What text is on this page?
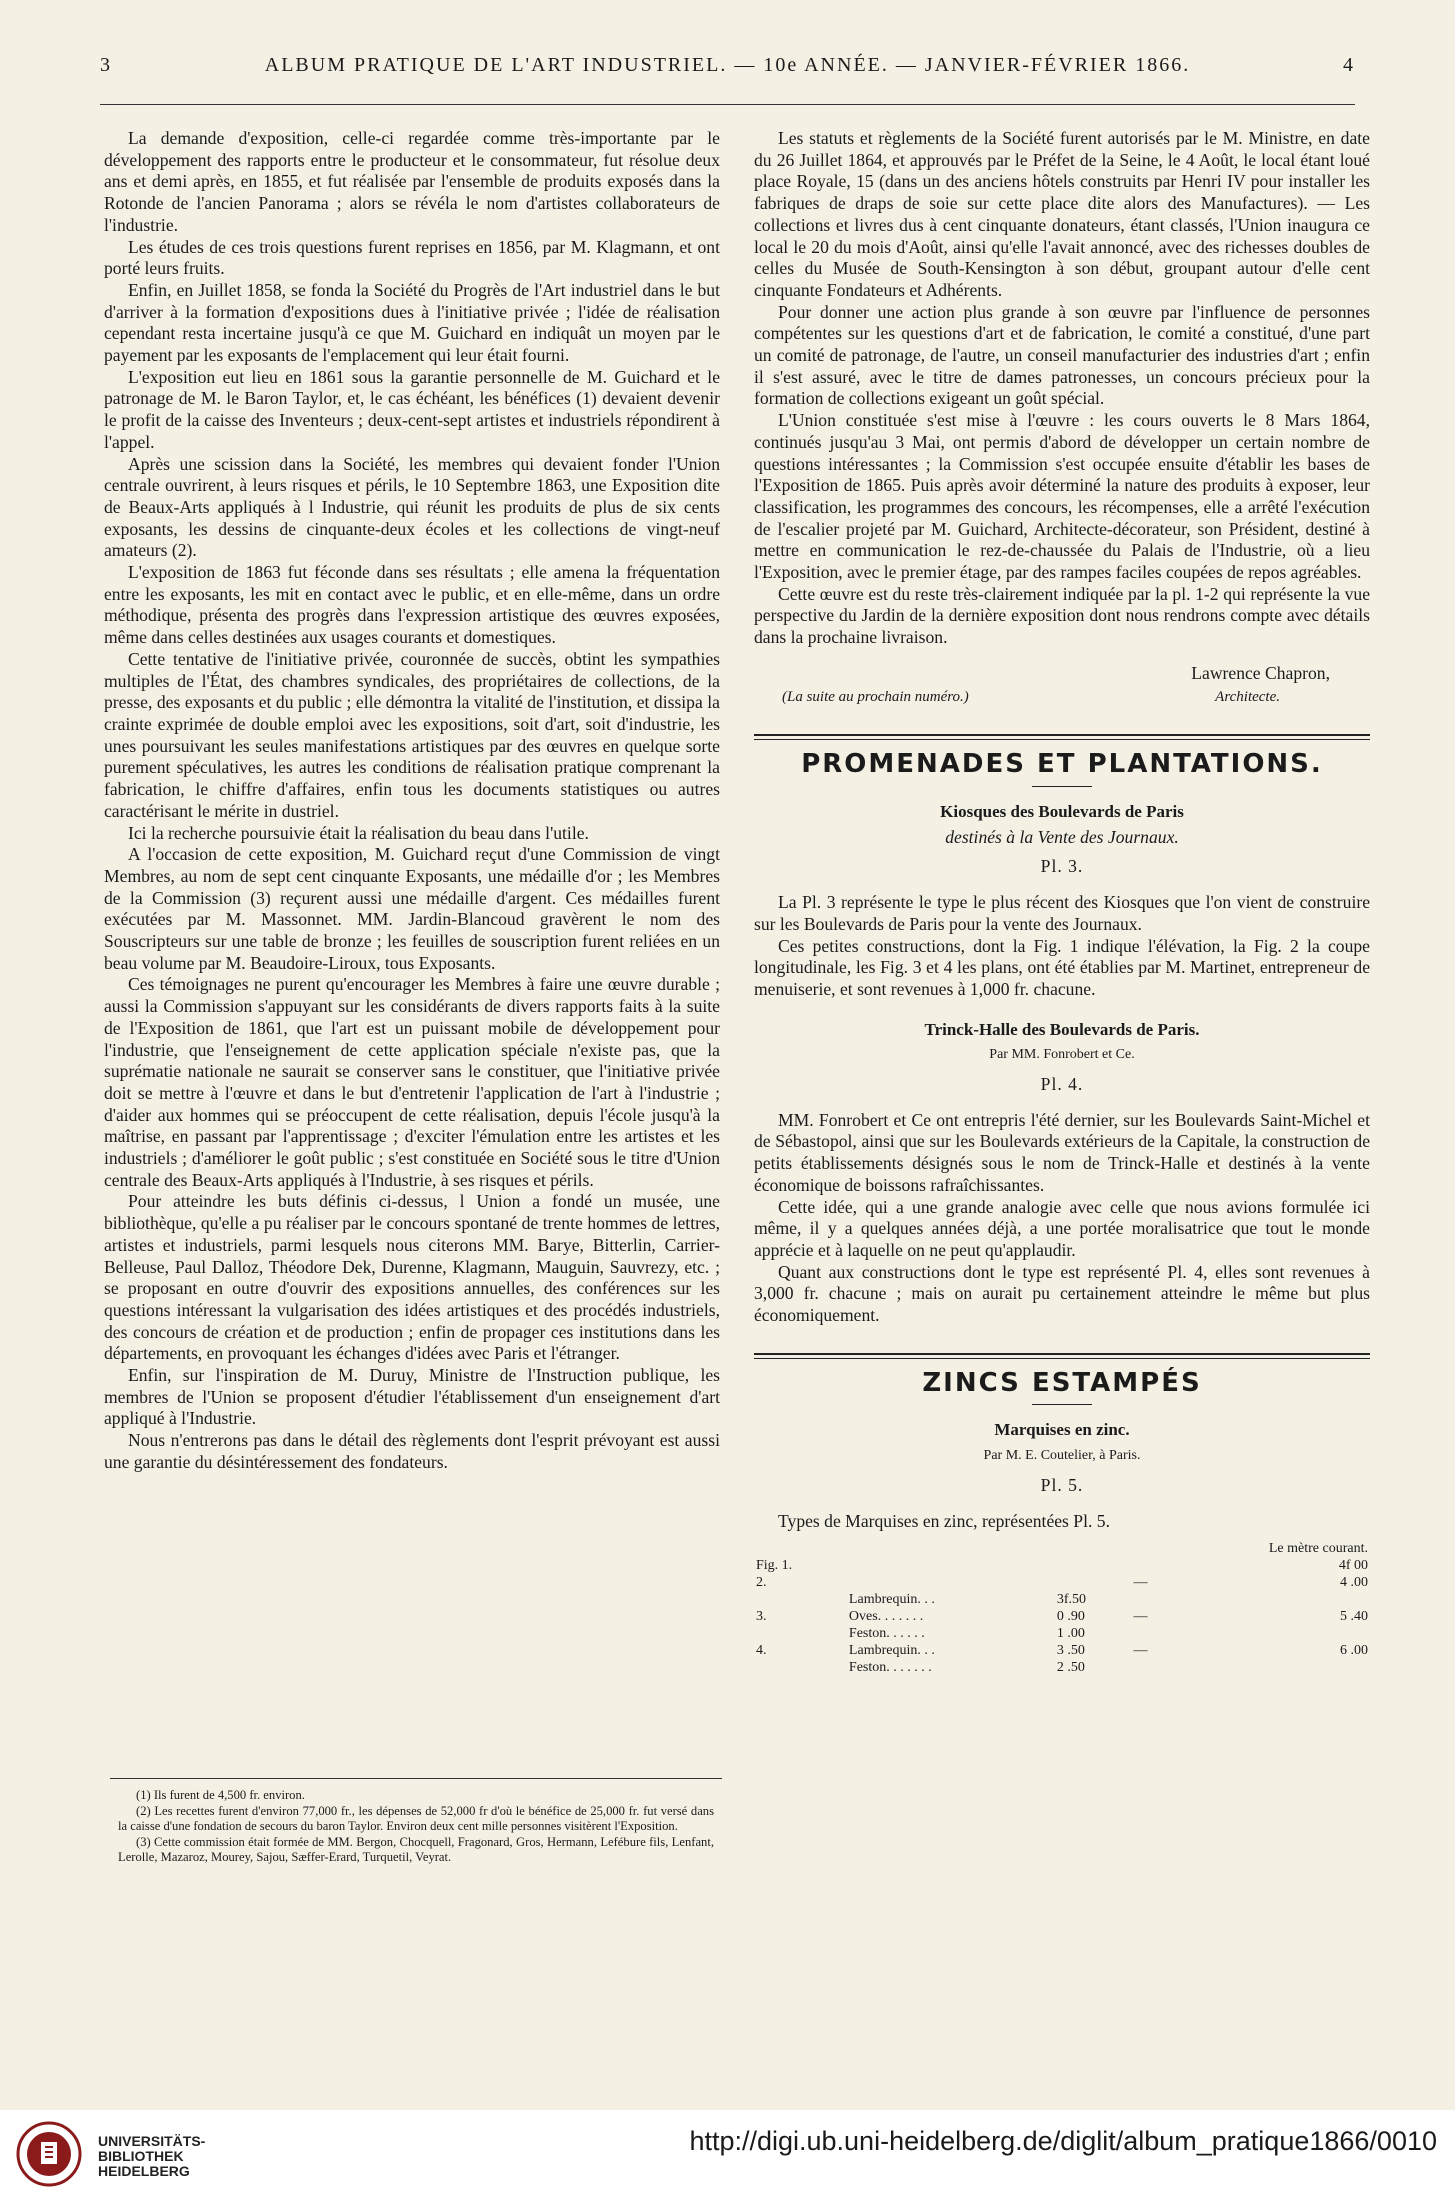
3	ALBUM PRATIQUE DE L'ART INDUSTRIEL. — 10e ANNÉE. — JANVIER-FÉVRIER 1866.	4

La demande d'exposition, celle-ci regardée comme très-importante par le développement des rapports entre le producteur et le consommateur, fut résolue deux ans et demi après, en 1855, et fut réalisée par l'ensemble de produits exposés dans la Rotonde de l'ancien Panorama ; alors se révéla le nom d'artistes collaborateurs de l'industrie.

Les études de ces trois questions furent reprises en 1856, par M. Klagmann, et ont porté leurs fruits.

Enfin, en Juillet 1858, se fonda la Société du Progrès de l'Art industriel dans le but d'arriver à la formation d'expositions dues à l'initiative privée ; l'idée de réalisation cependant resta incertaine jusqu'à ce que M. Guichard en indiquât un moyen par le payement par les exposants de l'emplacement qui leur était fourni.

L'exposition eut lieu en 1861 sous la garantie personnelle de M. Guichard et le patronage de M. le Baron Taylor, et, le cas échéant, les bénéfices (1) devaient devenir le profit de la caisse des Inventeurs ; deux-cent-sept artistes et industriels répondirent à l'appel.

Après une scission dans la Société, les membres qui devaient fonder l'Union centrale ouvrirent, à leurs risques et périls, le 10 Septembre 1863, une Exposition dite de Beaux-Arts appliqués à l Industrie, qui réunit les produits de plus de six cents exposants, les dessins de cinquante-deux écoles et les collections de vingt-neuf amateurs (2).

L'exposition de 1863 fut féconde dans ses résultats ; elle amena la fréquentation entre les exposants, les mit en contact avec le public, et en elle-même, dans un ordre méthodique, présenta des progrès dans l'expression artistique des œuvres exposées, même dans celles destinées aux usages courants et domestiques.

Cette tentative de l'initiative privée, couronnée de succès, obtint les sympathies multiples de l'État, des chambres syndicales, des propriétaires de collections, de la presse, des exposants et du public ; elle démontra la vitalité de l'institution, et dissipa la crainte exprimée de double emploi avec les expositions, soit d'art, soit d'industrie, les unes poursuivant les seules manifestations artistiques par des œuvres en quelque sorte purement spéculatives, les autres les conditions de réalisation pratique comprenant la fabrication, le chiffre d'affaires, enfin tous les documents statistiques ou autres caractérisant le mérite in dustriel.

Ici la recherche poursuivie était la réalisation du beau dans l'utile.

A l'occasion de cette exposition, M. Guichard reçut d'une Commission de vingt Membres, au nom de sept cent cinquante Exposants, une médaille d'or ; les Membres de la Commission (3) reçurent aussi une médaille d'argent. Ces médailles furent exécutées par M. Massonnet. MM. Jardin-Blancoud gravèrent le nom des Souscripteurs sur une table de bronze ; les feuilles de souscription furent reliées en un beau volume par M. Beaudoire-Liroux, tous Exposants.

Ces témoignages ne purent qu'encourager les Membres à faire une œuvre durable ; aussi la Commission s'appuyant sur les considérants de divers rapports faits à la suite de l'Exposition de 1861, que l'art est un puissant mobile de développement pour l'industrie, que l'enseignement de cette application spéciale n'existe pas, que la suprématie nationale ne saurait se conserver sans le constituer, que l'initiative privée doit se mettre à l'œuvre et dans le but d'entretenir l'application de l'art à l'industrie ; d'aider aux hommes qui se préoccupent de cette réalisation, depuis l'école jusqu'à la maîtrise, en passant par l'apprentissage ; d'exciter l'émulation entre les artistes et les industriels ; d'améliorer le goût public ; s'est constituée en Société sous le titre d'Union centrale des Beaux-Arts appliqués à l'Industrie, à ses risques et périls.

Pour atteindre les buts définis ci-dessus, l Union a fondé un musée, une bibliothèque, qu'elle a pu réaliser par le concours spontané de trente hommes de lettres, artistes et industriels, parmi lesquels nous citerons MM. Barye, Bitterlin, Carrier-Belleuse, Paul Dalloz, Théodore Dek, Durenne, Klagmann, Mauguin, Sauvrezy, etc. ; se proposant en outre d'ouvrir des expositions annuelles, des conférences sur les questions intéressant la vulgarisation des idées artistiques et des procédés industriels, des concours de création et de production ; enfin de propager ces institutions dans les départements, en provoquant les échanges d'idées avec Paris et l'étranger.

Enfin, sur l'inspiration de M. Duruy, Ministre de l'Instruction publique, les membres de l'Union se proposent d'étudier l'établissement d'un enseignement d'art appliqué à l'Industrie.

Nous n'entrerons pas dans le détail des règlements dont l'esprit prévoyant est aussi une garantie du désintéressement des fondateurs.

(1) Ils furent de 4,500 fr. environ.

(2) Les recettes furent d'environ 77,000 fr., les dépenses de 52,000 fr d'où le bénéfice de 25,000 fr. fut versé dans la caisse d'une fondation de secours du baron Taylor. Environ deux cent mille personnes visitèrent l'Exposition.

(3) Cette commission était formée de MM. Bergon, Chocquell, Fragonard, Gros, Hermann, Lefébure fils, Lenfant, Lerolle, Mazaroz, Mourey, Sajou, Sæffer-Erard, Turquetil, Veyrat.

Les statuts et règlements de la Société furent autorisés par le M. Ministre, en date du 26 Juillet 1864, et approuvés par le Préfet de la Seine, le 4 Août, le local étant loué place Royale, 15 (dans un des anciens hôtels construits par Henri IV pour installer les fabriques de draps de soie sur cette place dite alors des Manufactures). — Les collections et livres dus à cent cinquante donateurs, étant classés, l'Union inaugura ce local le 20 du mois d'Août, ainsi qu'elle l'avait annoncé, avec des richesses doubles de celles du Musée de South-Kensington à son début, groupant autour d'elle cent cinquante Fondateurs et Adhérents.

Pour donner une action plus grande à son œuvre par l'influence de personnes compétentes sur les questions d'art et de fabrication, le comité a constitué, d'une part un comité de patronage, de l'autre, un conseil manufacturier des industries d'art ; enfin il s'est assuré, avec le titre de dames patronesses, un concours précieux pour la formation de collections exigeant un goût spécial.

L'Union constituée s'est mise à l'œuvre : les cours ouverts le 8 Mars 1864, continués jusqu'au 3 Mai, ont permis d'abord de développer un certain nombre de questions intéressantes ; la Commission s'est occupée ensuite d'établir les bases de l'Exposition de 1865. Puis après avoir déterminé la nature des produits à exposer, leur classification, les programmes des concours, les récompenses, elle a arrêté l'exécution de l'escalier projeté par M. Guichard, Architecte-décorateur, son Président, destiné à mettre en communication le rez-de-chaussée du Palais de l'Industrie, où a lieu l'Exposition, avec le premier étage, par des rampes faciles coupées de repos agréables.

Cette œuvre est du reste très-clairement indiquée par la pl. 1-2 qui représente la vue perspective du Jardin de la dernière exposition dont nous rendrons compte avec détails dans la prochaine livraison.

Lawrence Chapron,
(La suite au prochain numéro.)	Architecte.
PROMENADES ET PLANTATIONS.
Kiosques des Boulevards de Paris
destinés à la Vente des Journaux.
Pl. 3.

La Pl. 3 représente le type le plus récent des Kiosques que l'on vient de construire sur les Boulevards de Paris pour la vente des Journaux.

Ces petites constructions, dont la Fig. 1 indique l'élévation, la Fig. 2 la coupe longitudinale, les Fig. 3 et 4 les plans, ont été établies par M. Martinet, entrepreneur de menuiserie, et sont revenues à 1,000 fr. chacune.

Trinck-Halle des Boulevards de Paris.
Par MM. Fonrobert et Ce.
Pl. 4.

MM. Fonrobert et Ce ont entrepris l'été dernier, sur les Boulevards Saint-Michel et de Sébastopol, ainsi que sur les Boulevards extérieurs de la Capitale, la construction de petits établissements désignés sous le nom de Trinck-Halle et destinés à la vente économique de boissons rafraîchissantes.

Cette idée, qui a une grande analogie avec celle que nous avions formulée ici même, il y a quelques années déjà, a une portée moralisatrice que tout le monde apprécie et à laquelle on ne peut qu'applaudir.

Quant aux constructions dont le type est représenté Pl. 4, elles sont revenues à 3,000 fr. chacune ; mais on aurait pu certainement atteindre le même but plus économiquement.

ZINCS ESTAMPÉS
Marquises en zinc.
Par M. E. Coutelier, à Paris.
Pl. 5.

Types de Marquises en zinc, représentées Pl. 5.

			Le mètre courant.	
Fig. 1.				4f 00
2.			—	4 .00
	Lambrequin. . .	3f.50		
3.	Oves. . . . . . .	0 .90	—	5 .40
	Feston. . . . . .	1 .00		
4.	Lambrequin. . .	3 .50	—	6 .00
	Feston. . . . . . .	2 .50		
UNIVERSITÄTS-
BIBLIOTHEK
HEIDELBERG
http://digi.ub.uni-heidelberg.de/diglit/album_pratique1866/0010
